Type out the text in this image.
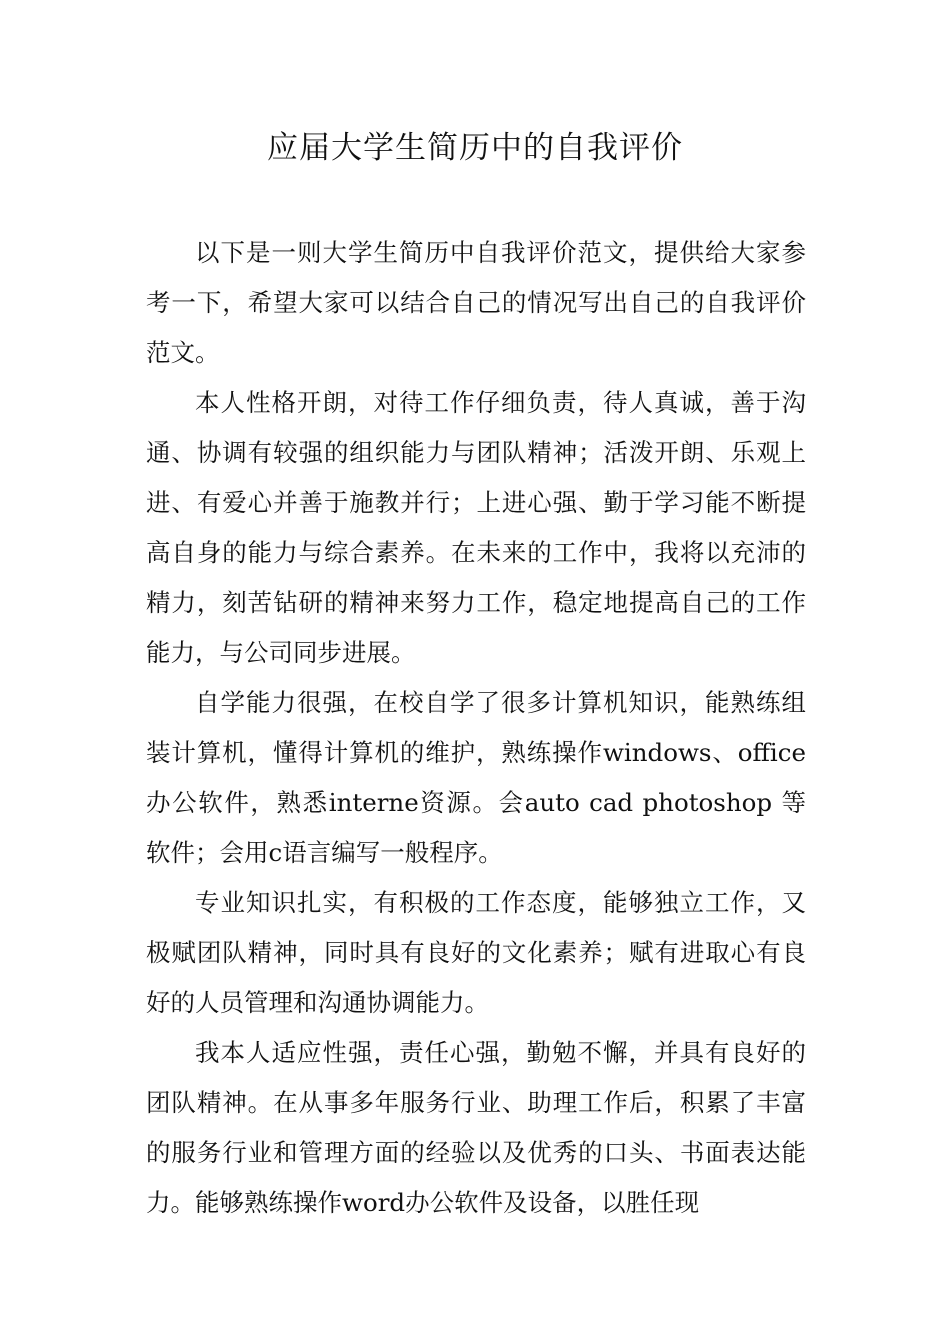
应届大学生简历中的自我评价

以下是一则大学生简历中自我评价范文，提供给大家参考一下，希望大家可以结合自己的情况写出自己的自我评价范文。

本人性格开朗，对待工作仔细负责，待人真诚，善于沟通、协调有较强的组织能力与团队精神；活泼开朗、乐观上进、有爱心并善于施教并行；上进心强、勤于学习能不断提高自身的能力与综合素养。在未来的工作中，我将以充沛的精力，刻苦钻研的精神来努力工作，稳定地提高自己的工作能力，与公司同步进展。

自学能力很强，在校自学了很多计算机知识，能熟练组装计算机，懂得计算机的维护，熟练操作windows、office办公软件，熟悉interne资源。会auto cad photoshop 等软件；会用c语言编写一般程序。

专业知识扎实，有积极的工作态度，能够独立工作，又极赋团队精神，同时具有良好的文化素养；赋有进取心有良好的人员管理和沟通协调能力。

我本人适应性强，责任心强，勤勉不懈，并具有良好的团队精神。在从事多年服务行业、助理工作后，积累了丰富的服务行业和管理方面的经验以及优秀的口头、书面表达能力。能够熟练操作word办公软件及设备，以胜任现
